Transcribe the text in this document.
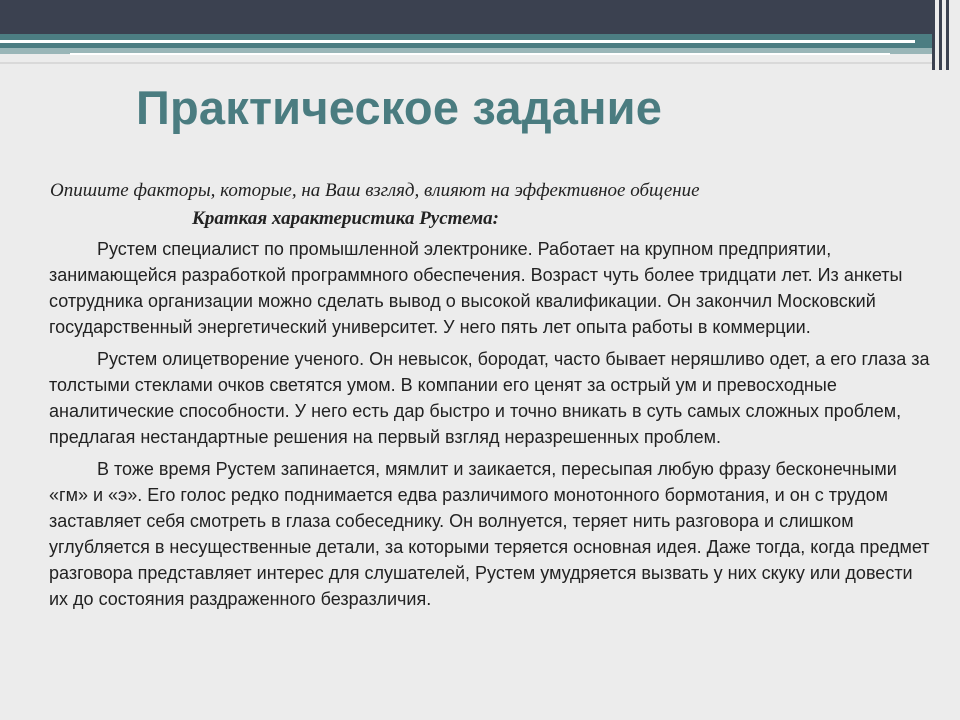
Практическое задание
Опишите факторы, которые, на Ваш взгляд, влияют на эффективное общение
Краткая характеристика Рустема:

Рустем специалист по промышленной электронике. Работает на крупном предприятии, занимающейся разработкой программного обеспечения. Возраст чуть более тридцати лет. Из анкеты сотрудника организации можно сделать вывод о высокой квалификации. Он закончил Московский государственный энергетический университет. У него пять лет опыта работы в коммерции.

Рустем олицетворение ученого. Он невысок, бородат, часто бывает неряшливо одет, а его глаза за толстыми стеклами очков светятся умом. В компании его ценят за острый ум и превосходные аналитические способности. У него есть дар быстро и точно вникать в суть самых сложных проблем, предлагая нестандартные решения на первый взгляд неразрешенных проблем.

В тоже время Рустем запинается, мямлит и заикается, пересыпая любую фразу бесконечными «гм» и «э». Его голос редко поднимается едва различимого монотонного бормотания, и он с трудом заставляет себя смотреть в глаза собеседнику. Он волнуется, теряет нить разговора и слишком углубляется в несущественные детали, за которыми теряется основная идея. Даже тогда, когда предмет разговора представляет интерес для слушателей, Рустем умудряется вызвать у них скуку или довести их до состояния раздраженного безразличия.
